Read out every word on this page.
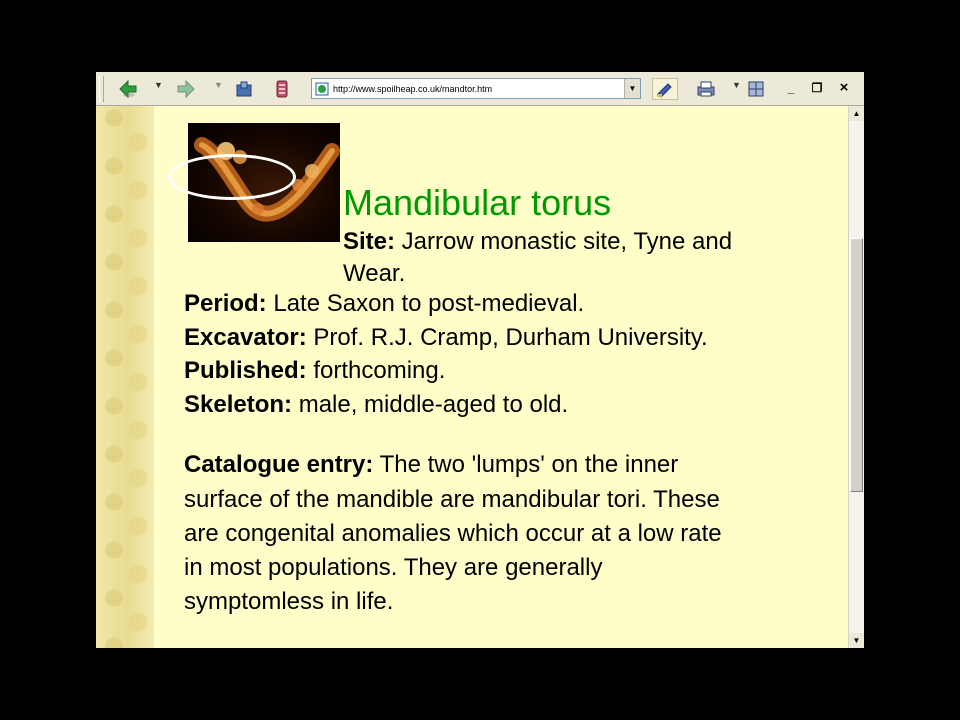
▼	▼	http://www.spoilheap.co.uk/mandtor.htm	▼	▼	_	❐	×
Mandibular torus
Site: Jarrow monastic site, Tyne and
Wear.
Period: Late Saxon to post-medieval.
Excavator: Prof. R.J. Cramp, Durham University.
Published: forthcoming.
Skeleton: male, middle-aged to old.
Catalogue entry: The two 'lumps' on the inner
surface of the mandible are mandibular tori. These
are congenital anomalies which occur at a low rate
in most populations. They are generally
symptomless in life.
▲
▼
